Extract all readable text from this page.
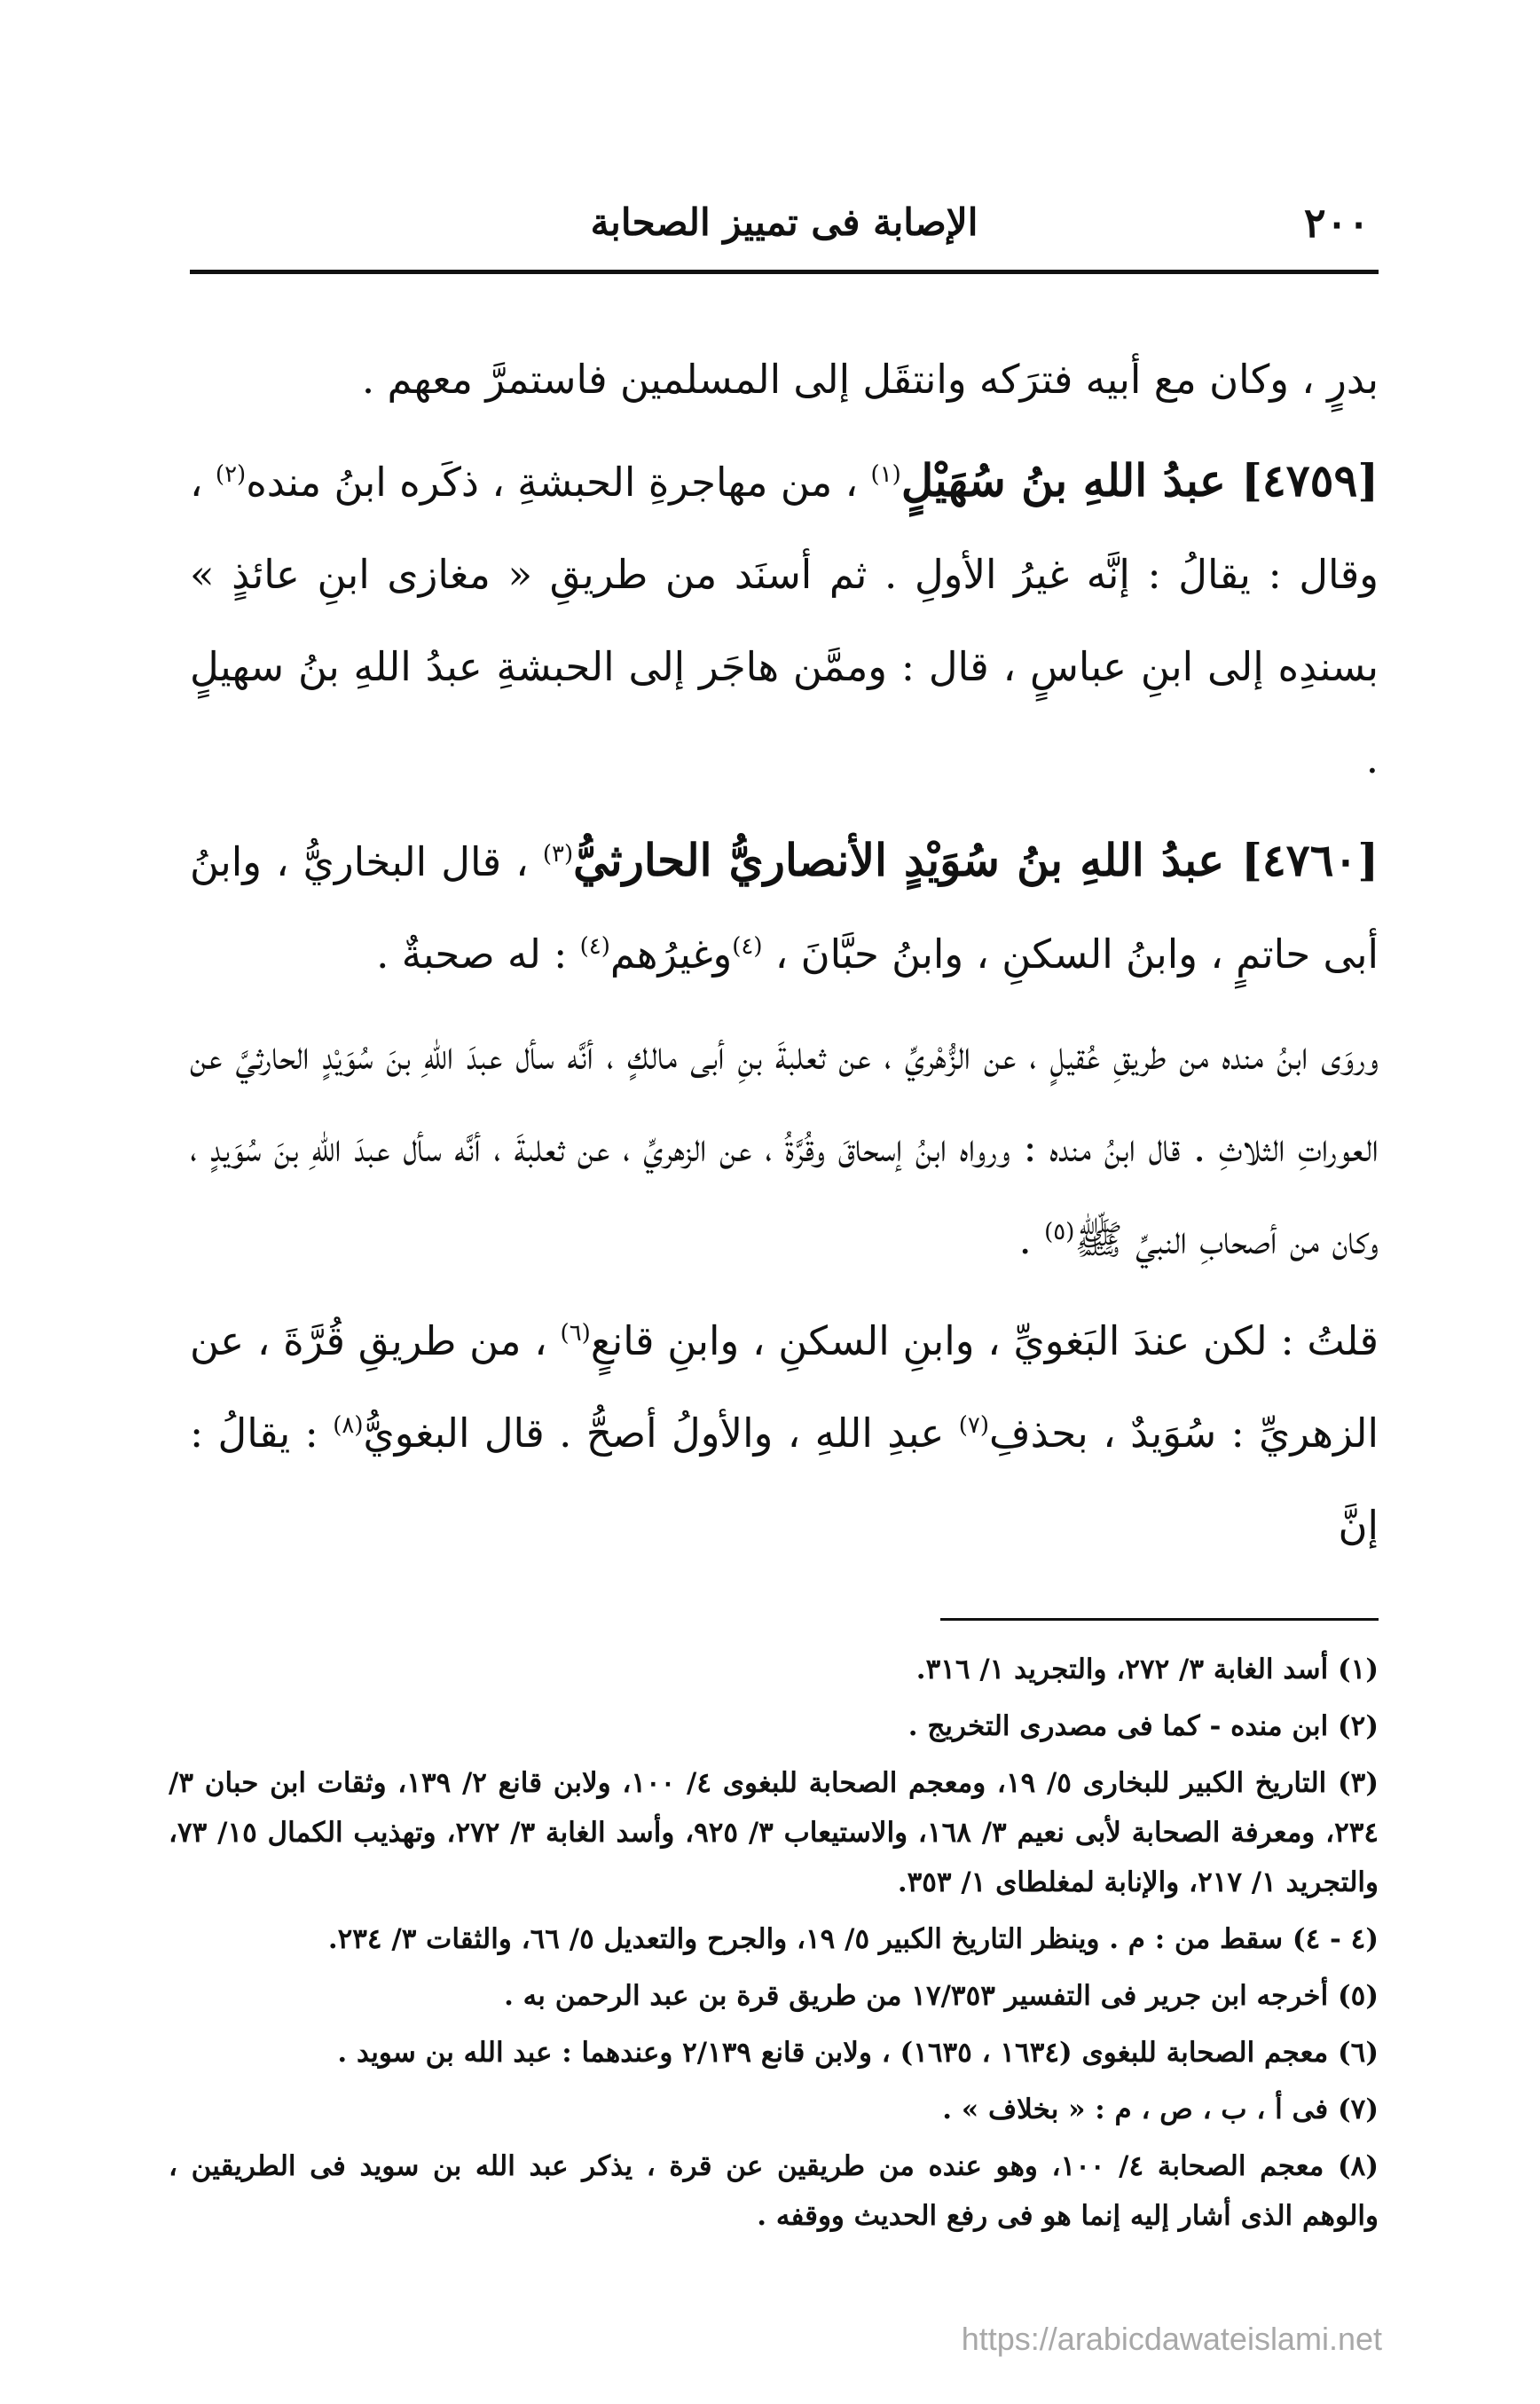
٢٠٠
الإصابة فى تمييز الصحابة

بدرٍ ، وكان مع أبيه فترَكه وانتقَل إلى المسلمين فاستمرَّ معهم .

[٤٧٥٩] عبدُ اللهِ بنُ سُهَيْلٍ$^{(١)}$ ، من مهاجرةِ الحبشةِ ، ذكَره ابنُ منده$^{(٢)}$ ، وقال : يقالُ : إنَّه غيرُ الأولِ . ثم أسنَد من طريقِ « مغازى ابنِ عائذٍ » بسندِه إلى ابنِ عباسٍ ، قال : وممَّن هاجَر إلى الحبشةِ عبدُ اللهِ بنُ سهيلٍ .

[٤٧٦٠] عبدُ اللهِ بنُ سُوَيْدٍ الأنصاريُّ الحارثيُّ$^{(٣)}$ ، قال البخاريُّ ، وابنُ أبى حاتمٍ ، وابنُ السكنِ ، وابنُ حبَّانَ ، $^{(٤)}$وغيرُهم$^{(٤)}$ : له صحبةٌ .

وروَى ابنُ منده من طريقِ عُقيلٍ ، عن الزُّهْريِّ ، عن ثعلبةَ بنِ أبى مالكٍ ، أنَّه سأل عبدَ اللهِ بنَ سُوَيْدٍ الحارثيَّ عن العوراتِ الثلاثِ . قال ابنُ منده : ورواه ابنُ إسحاقَ وقُرَّةُ ، عن الزهريِّ ، عن ثعلبةَ ، أنَّه سأل عبدَ اللهِ بنَ سُوَيدٍ ، وكان من أصحابِ النبيِّ ﷺ$^{(٥)}$ .

قلتُ : لكن عندَ البَغويِّ ، وابنِ السكنِ ، وابنِ قانعٍ$^{(٦)}$ ، من طريقِ قُرَّةَ ، عن الزهريِّ : سُوَيدٌ ، بحذفِ$^{(٧)}$ عبدِ اللهِ ، والأولُ أصحُّ . قال البغويُّ$^{(٨)}$ : يقالُ : إنَّ

(١) أسد الغابة ٣/ ٢٧٢، والتجريد ١/ ٣١٦.
(٢) ابن منده - كما فى مصدرى التخريج .
(٣) التاريخ الكبير للبخارى ٥/ ١٩، ومعجم الصحابة للبغوى ٤/ ١٠٠، ولابن قانع ٢/ ١٣٩، وثقات ابن حبان ٣/ ٢٣٤، ومعرفة الصحابة لأبى نعيم ٣/ ١٦٨، والاستيعاب ٣/ ٩٢٥، وأسد الغابة ٣/ ٢٧٢، وتهذيب الكمال ١٥/ ٧٣، والتجريد ١/ ٢١٧، والإنابة لمغلطاى ١/ ٣٥٣.
(٤ - ٤) سقط من : م . وينظر التاريخ الكبير ٥/ ١٩، والجرح والتعديل ٥/ ٦٦، والثقات ٣/ ٢٣٤.
(٥) أخرجه ابن جرير فى التفسير ١٧/٣٥٣ من طريق قرة بن عبد الرحمن به .
(٦) معجم الصحابة للبغوى (١٦٣٤ ، ١٦٣٥) ، ولابن قانع ٢/١٣٩ وعندهما : عبد الله بن سويد .
(٧) فى أ ، ب ، ص ، م : « بخلاف » .
(٨) معجم الصحابة ٤/ ١٠٠، وهو عنده من طريقين عن قرة ، يذكر عبد الله بن سويد فى الطريقين ، والوهم الذى أشار إليه إنما هو فى رفع الحديث ووقفه .
https://arabicdawateislami.net
